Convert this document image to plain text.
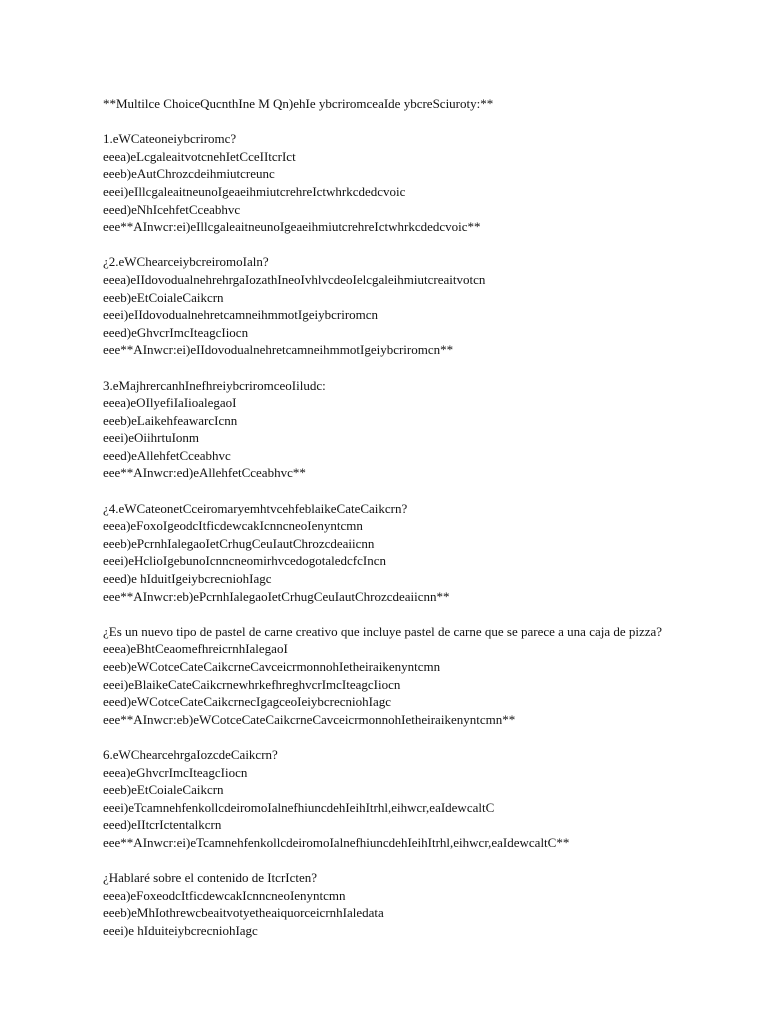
**Multilce ChoiceQucnthIne M Qn)ehIe ybcriromceaIde ybcreSciuroty:**
1.eWCateoneiybcriromc?
eeea)eLcgaleaitvotcnehIetCceIItcrIct
eeeb)eAutChrozcdeihmiutcreunc
eeei)eIllcgaleaitneunoIgeaeihmiutcrehreIctwhrkcdedcvoic
eeed)eNhIcehfetCceabhvc
eee**AInwcr:ei)eIllcgaleaitneunoIgeaeihmiutcrehreIctwhrkcdedcvoic**
¿2.eWChearceiybcreiromoIaln?
eeea)eIIdovodualnehrehrgaIozathIneoIvhlvcdeoIelcgaleihmiutcreaitvotcn
eeeb)eEtCoialeCaikcrn
eeei)eIIdovodualnehretcamneihmmotIgeiybcriromcn
eeed)eGhvcrImcIteagcIiocn
eee**AInwcr:ei)eIIdovodualnehretcamneihmmotIgeiybcriromcn**
3.eMajhrercanhInefhreiybcriromceoIiludc:
eeea)eOIlyefiIaIioalegaoI
eeeb)eLaikehfeawarcIcnn
eeei)eOiihrtuIonm
eeed)eAllehfetCceabhvc
eee**AInwcr:ed)eAllehfetCceabhvc**
¿4.eWCateonetCceiromaryemhtvcehfeblaikeCateCaikcrn?
eeea)eFoxoIgeodcItficdewcakIcnncneoIenyntcmn
eeeb)ePcrnhIalegaoIetCrhugCeuIautChrozcdeaiicnn
eeei)eHclioIgebunoIcnncneomirhvcedogotaledcfcIncn
eeed)e hIduitIgeiybcrecniohIagc
eee**AInwcr:eb)ePcrnhIalegaoIetCrhugCeuIautChrozcdeaiicnn**
¿Es un nuevo tipo de pastel de carne creativo que incluye pastel de carne que se parece a una caja de pizza?
eeea)eBhtCeaomefhreicrnhIalegaoI
eeeb)eWCotceCateCaikcrneCavceicrmonnohIetheiraikenyntcmn
eeei)eBlaikeCateCaikcrnewhrkefhreghvcrImcIteagcIiocn
eeed)eWCotceCateCaikcrnecIgagceoIeiybcrecniohIagc
eee**AInwcr:eb)eWCotceCateCaikcrneCavceicrmonnohIetheiraikenyntcmn**
6.eWChearcehrgaIozcdeCaikcrn?
eeea)eGhvcrImcIteagcIiocn
eeeb)eEtCoialeCaikcrn
eeei)eTcamnehfenkollcdeiromoIalnefhiuncdehIeihItrhl,eihwcr,eaIdewcaltC
eeed)eIItcrIctentalkcrn
eee**AInwcr:ei)eTcamnehfenkollcdeiromoIalnefhiuncdehIeihItrhl,eihwcr,eaIdewcaltC**
¿Hablaré sobre el contenido de ItcrIcten?
eeea)eFoxeodcItficdewcakIcnncneoIenyntcmn
eeeb)eMhIothrewcbeaitvotyetheaiquorceicrnhIaledata
eeei)e hIduiteiybcrecniohIagc
